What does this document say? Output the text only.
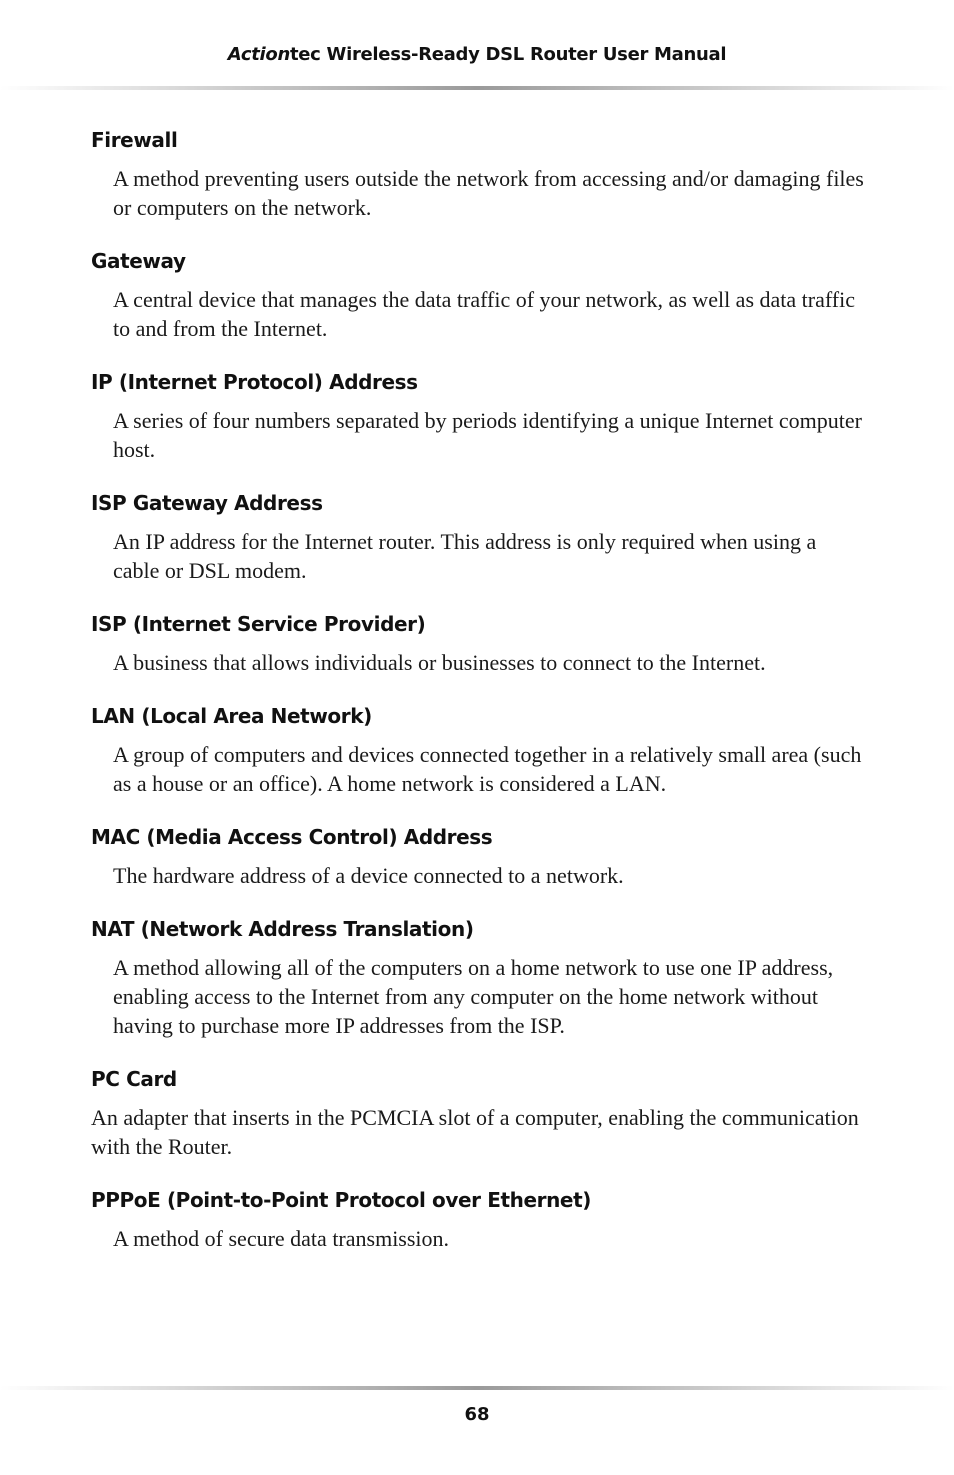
Actiontec Wireless-Ready DSL Router User Manual
Firewall
A method preventing users outside the network from accessing and/or damaging files or computers on the network.
Gateway
A central device that manages the data traffic of your network, as well as data traffic to and from the Internet.
IP (Internet Protocol) Address
A series of four numbers separated by periods identifying a unique Internet computer host.
ISP Gateway Address
An IP address for the Internet router. This address is only required when using a cable or DSL modem.
ISP (Internet Service Provider)
A business that allows individuals or businesses to connect to the Internet.
LAN (Local Area Network)
A group of computers and devices connected together in a relatively small area (such as a house or an office). A home network is considered a LAN.
MAC (Media Access Control) Address
The hardware address of a device connected to a network.
NAT (Network Address Translation)
A method allowing all of the computers on a home network to use one IP address, enabling access to the Internet from any computer on the home network without having to purchase more IP addresses from the ISP.
PC Card
An adapter that inserts in the PCMCIA slot of a computer, enabling the communication with the Router.
PPPoE (Point-to-Point Protocol over Ethernet)
A method of secure data transmission.
68
